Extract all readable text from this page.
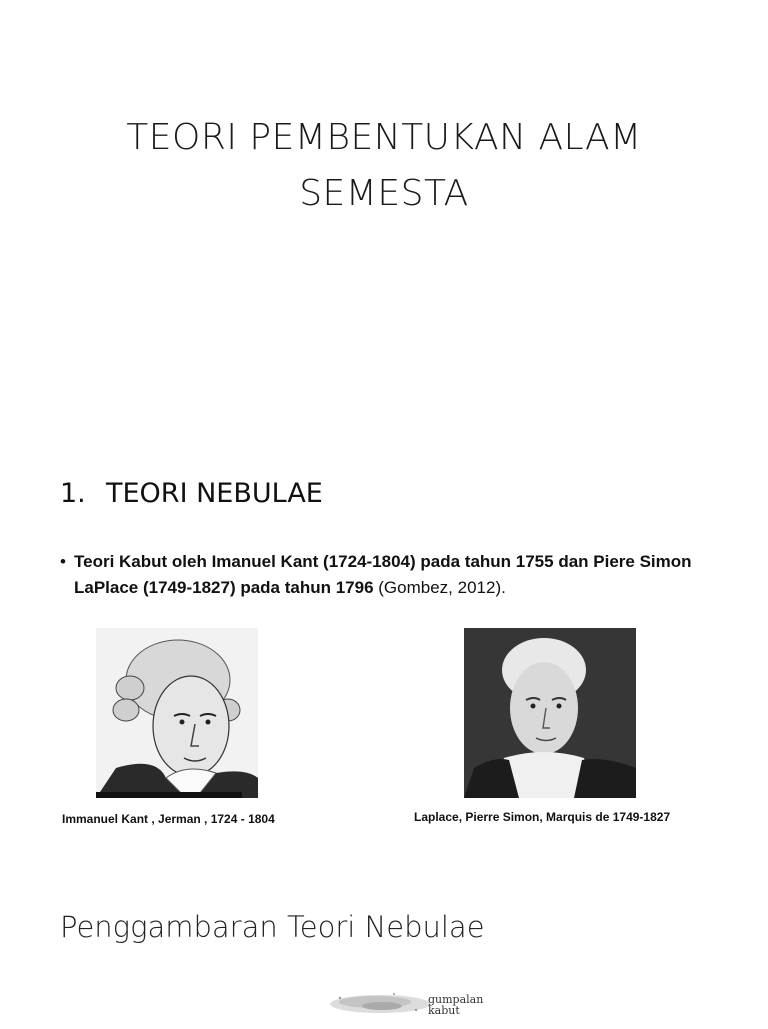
TEORI PEMBENTUKAN ALAM
SEMESTA
1. TEORI NEBULAE
• Teori Kabut oleh Imanuel Kant (1724-1804) pada tahun 1755 dan Piere Simon LaPlace (1749-1827) pada tahun 1796 (Gombez, 2012).
Immanuel Kant , Jerman , 1724 - 1804	Laplace, Pierre Simon, Marquis de 1749-1827
Penggambaran Teori Nebulae
gumpalan
kabut
